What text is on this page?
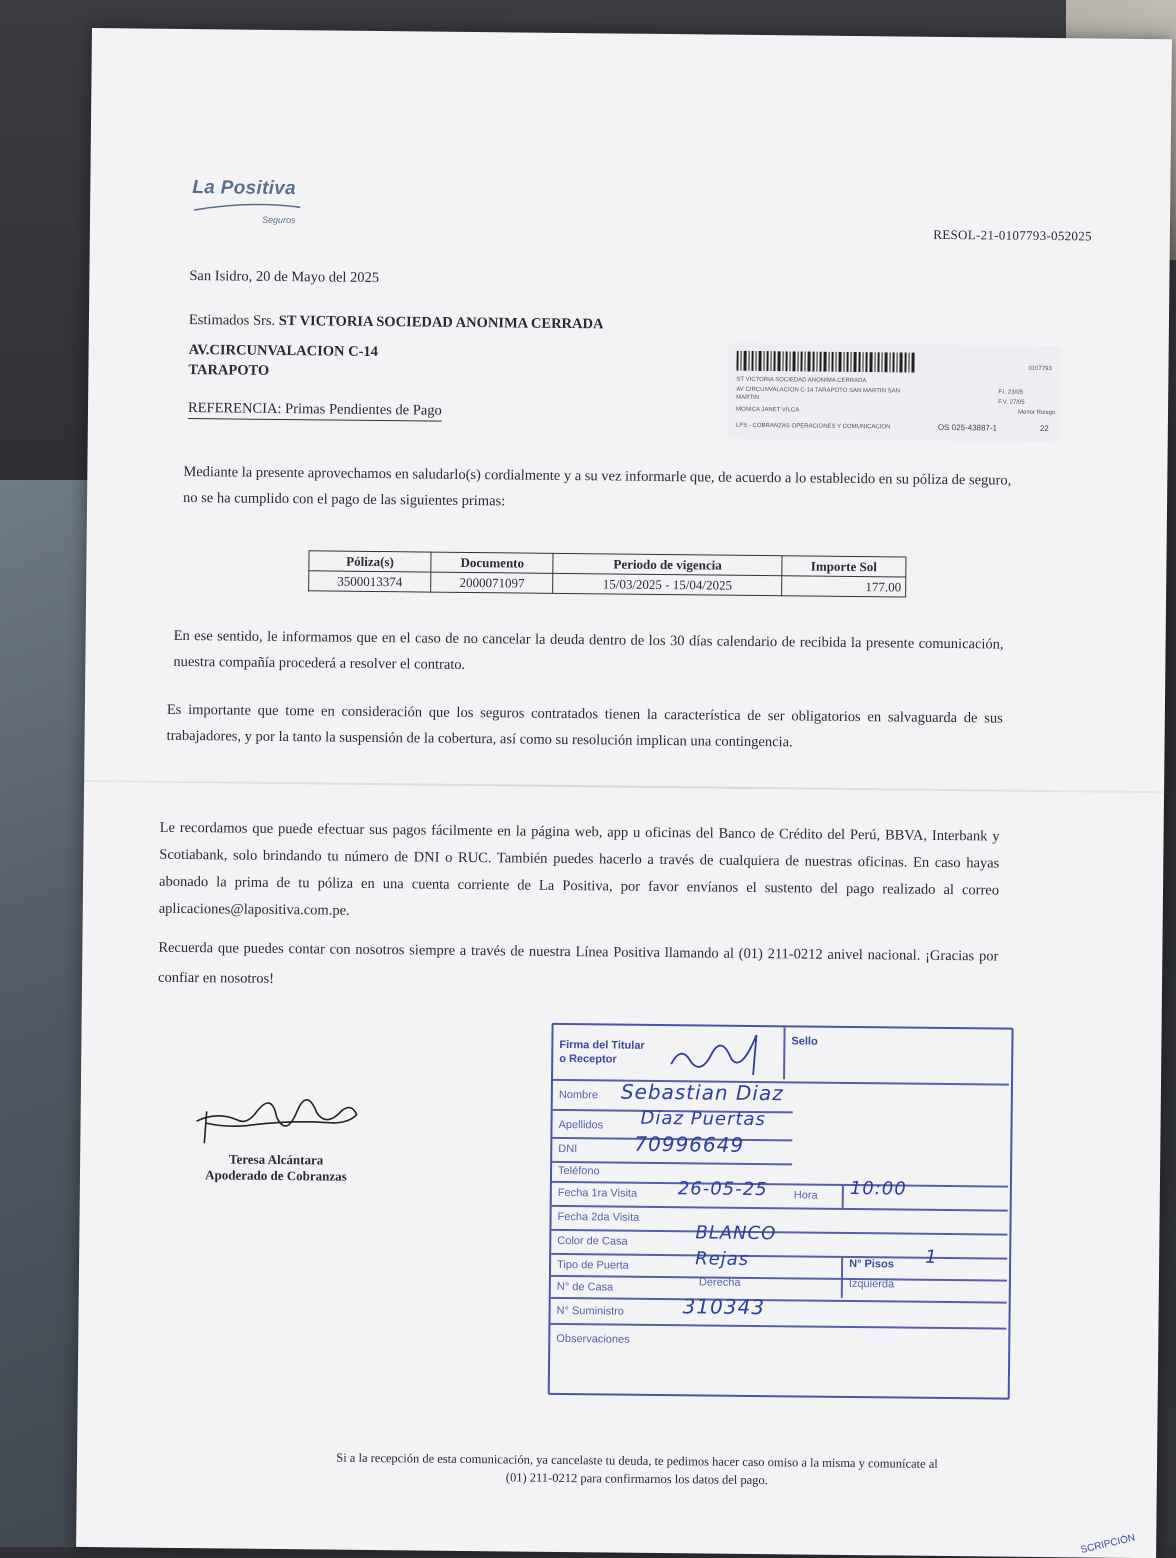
La Positiva
Seguros
RESOL-21-0107793-052025
San Isidro, 20 de Mayo del 2025
Estimados Srs. ST VICTORIA SOCIEDAD ANONIMA CERRADA
AV.CIRCUNVALACION C-14
TARAPOTO
REFERENCIA: Primas Pendientes de Pago
0107793
ST VICTORIA SOCIEDAD ANONIMA CERRADA
AV CIRCUNVALACION C-14 TARAPOTO SAN MARTIN SAN
MARTIN
MONICA JANET VILCA
LPS - COBRANZAS OPERACIONES Y COMUNICACION
F.I. 23/05
F.V. 27/05
Menor Riesgo
OS 025-43887-1	22
Mediante la presente aprovechamos en saludarlo(s) cordialmente y a su vez informarle que, de acuerdo a lo establecido en su póliza de seguro, no se ha cumplido con el pago de las siguientes primas:
Póliza(s)	Documento	Periodo de vigencia	Importe Sol
3500013374	2000071097	15/03/2025 - 15/04/2025	177.00
En ese sentido, le informamos que en el caso de no cancelar la deuda dentro de los 30 días calendario de recibida la presente comunicación, nuestra compañía procederá a resolver el contrato.
Es importante que tome en consideración que los seguros contratados tienen la característica de ser obligatorios en salvaguarda de sus trabajadores, y por la tanto la suspensión de la cobertura, así como su resolución implican una contingencia.
Le recordamos que puede efectuar sus pagos fácilmente en la página web, app u oficinas del Banco de Crédito del Perú, BBVA, Interbank y Scotiabank, solo brindando tu número de DNI o RUC. También puedes hacerlo a través de cualquiera de nuestras oficinas. En caso hayas abonado la prima de tu póliza en una cuenta corriente de La Positiva, por favor envíanos el sustento del pago realizado al correo aplicaciones@lapositiva.com.pe.
Recuerda que puedes contar con nosotros siempre a través de nuestra Línea Positiva llamando al (01) 211-0212 anivel nacional. ¡Gracias por confiar en nosotros!
Teresa Alcántara
Apoderado de Cobranzas
Firma del Titular
o Receptor
Sello
Nombre Sebastian Diaz
Apellidos Diaz Puertas
DNI	70996649
Teléfono
Fecha 1ra Visita 26-05-25 Hora 10:00
Fecha 2da Visita
Color de Casa	BLANCO
Tipo de Puerta	Rejas	N° Pisos 1
N° de Casa	Derecha	Izquierda
N° Suministro	310343
Observaciones
Si a la recepción de esta comunicación, ya cancelaste tu deuda, te pedimos hacer caso omiso a la misma y comunícate al
(01) 211-0212 para confirmarnos los datos del pago.
SCRIPCIÓN
